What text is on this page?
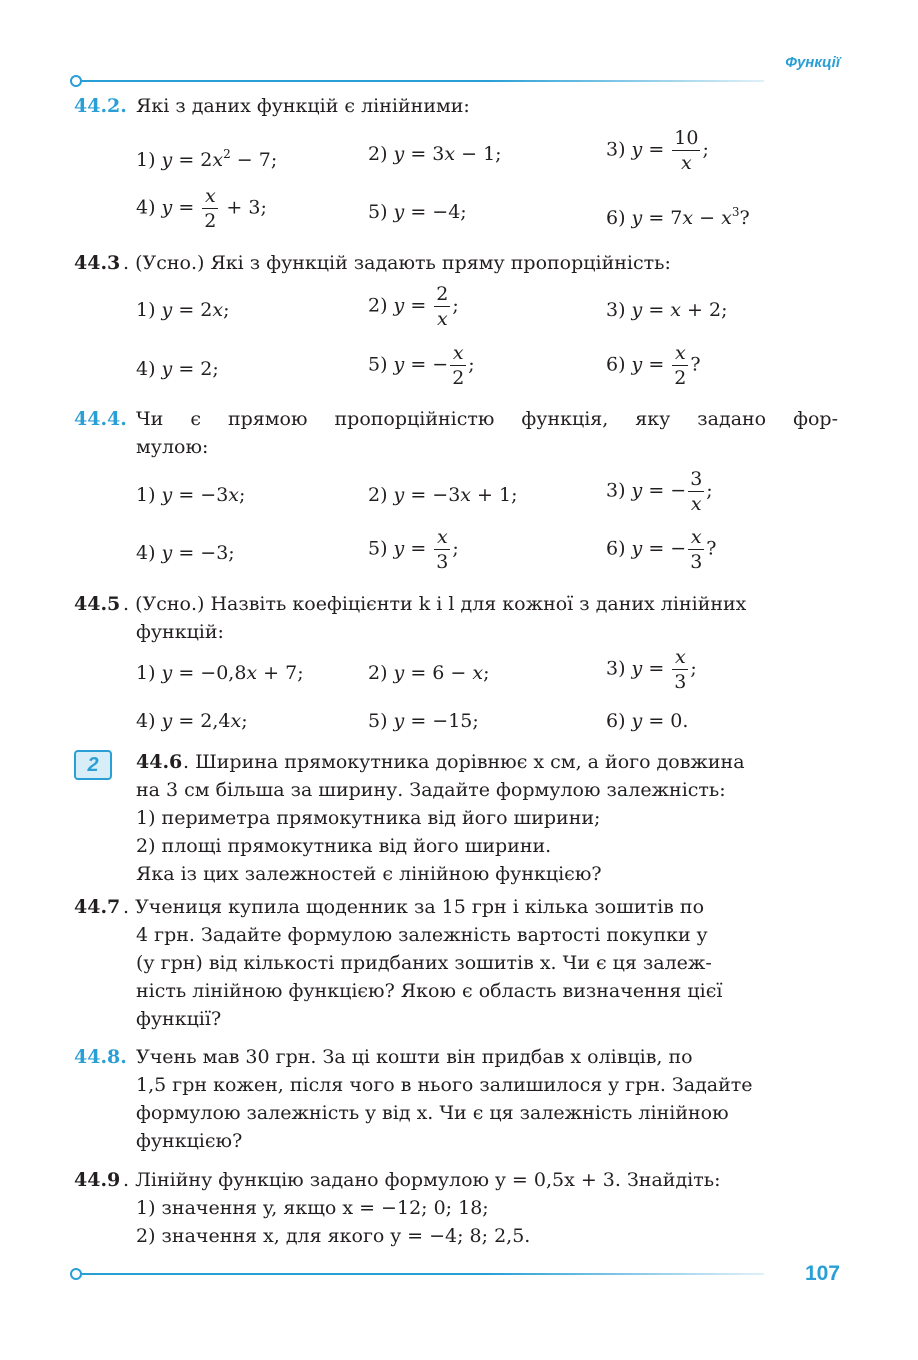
Функції
44.2. Які з даних функцій є лінійними:
1) $y = 2x^2 - 7$;	2) y = 3x − 1;	3) $y = \frac{10}{x}$ ;
4) $y = \frac{x}{2} + 3$;	5) y = −4;	6) $y = 7x - x^3$?
44.3 . (Усно.) Які з функцій задають пряму пропорційність:
1) y = 2x;	2) $y = \frac{2}{x}$ ;	3) y = x + 2;
4) y = 2;	5) y = − $\frac{x}{2}$ ;	6) $y = \frac{x}{2}$ ?
44.4. Чи є прямою пропорційністю функція, яку задано фор-
мулою:
1) y = −3x;	2) y = −3x + 1;	3) y = − $\frac{3}{x}$ ;
4) y = −3;	5) $y = \frac{x}{3}$ ;	6) y = − $\frac{x}{3}$ ?
44.5 . (Усно.) Назвіть коефіцієнти k і l для кожної з даних лінійних
функцій:
1) y = −0,8x + 7;	2) y = 6 − x;	3) $y = \frac{x}{3}$ ;
4) y = 2,4x;	5) y = −15;	6) y = 0.
2	44.6 . Ширина прямокутника дорівнює x см, а його довжина
на 3 см більша за ширину. Задайте формулою залежність:
1) периметра прямокутника від його ширини;
2) площі прямокутника від його ширини.
Яка із цих залежностей є лінійною функцією?
44.7 . Учениця купила щоденник за 15 грн і кілька зошитів по
4 грн. Задайте формулою залежність вартості покупки y
(у грн) від кількості придбаних зошитів x. Чи є ця залеж-
ність лінійною функцією? Якою є область визначення цієї
функції?
44.8. Учень мав 30 грн. За ці кошти він придбав x олівців, по
1,5 грн кожен, після чого в нього залишилося y грн. Задайте
формулою залежність y від x. Чи є ця залежність лінійною
функцією?
44.9 . Лінійну функцію задано формулою y = 0,5x + 3. Знайдіть:
1) значення y, якщо x = −12; 0; 18;
2) значення x, для якого y = −4; 8; 2,5.
107
